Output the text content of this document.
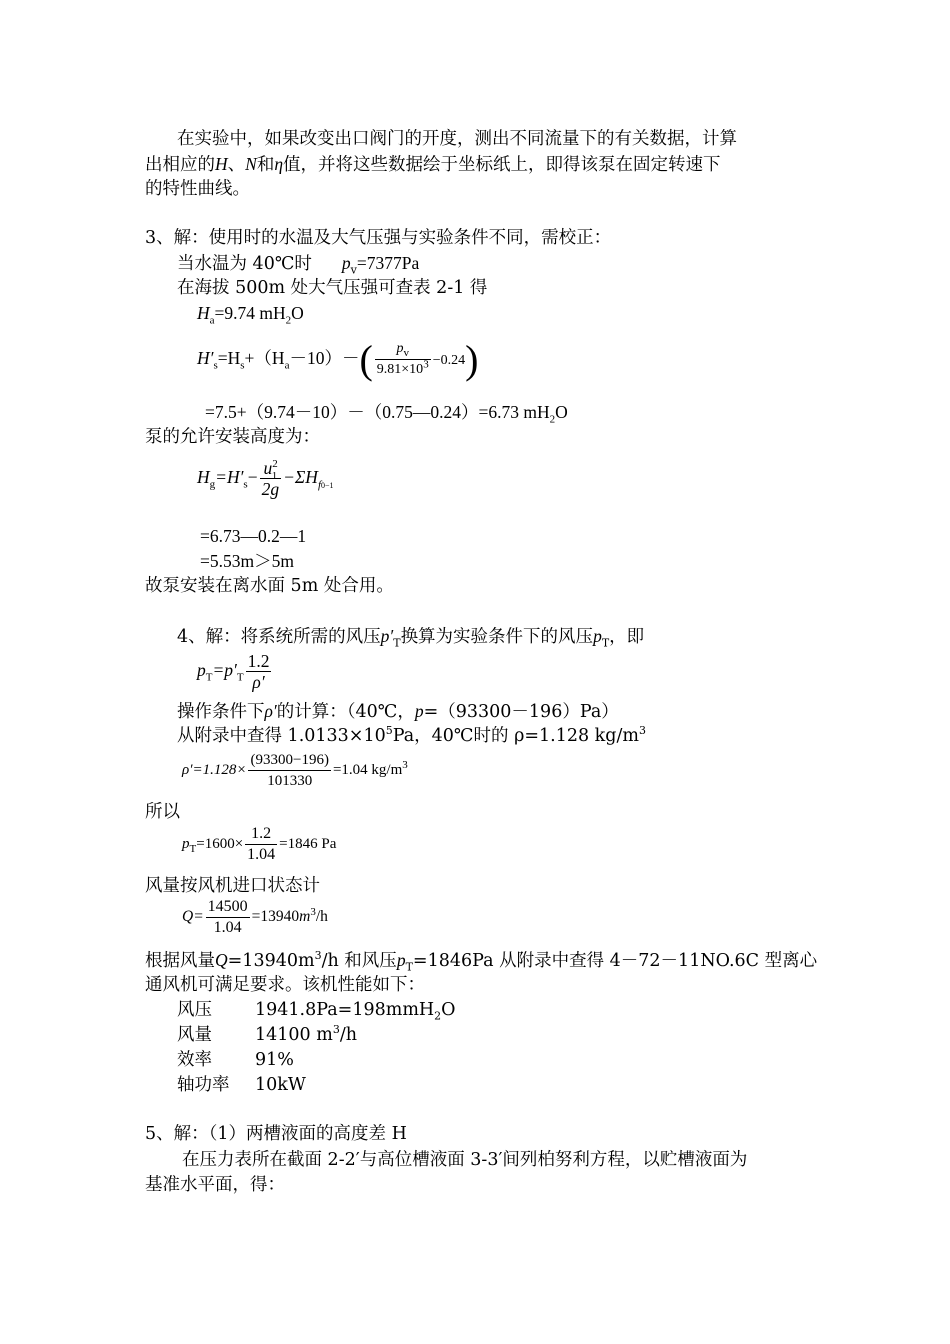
在实验中，如果改变出口阀门的开度，测出不同流量下的有关数据，计算
出相应的H、N和η值，并将这些数据绘于坐标纸上，即得该泵在固定转速下
的特性曲线。
3、解：使用时的水温及大气压强与实验条件不同，需校正：
当水温为 40℃时 $p_v=7377Pa$
在海拔 500m 处大气压强可查表 2-1 得
$H_a=9.74$ $mH_2O$
$H'_s=H_s+(H_a-10)-( \frac{p_v}{9.81\times 10^3} -0.24)$
=7.5+（9.74－10）－（0.75—0.24）=6.73 $mH_2O$
泵的允许安装高度为：
$H_g=H'_s- \frac{u^2_1}{2g} -\Sigma H_{f0-1}$
=6.73—0.2—1
=5.53m＞5m
故泵安装在离水面 5m 处合用。
4、解：将系统所需的风压$p'_T$换算为实验条件下的风压$p_T$，即
$p_T=p'_T \frac{1.2}{\rho'}$
操作条件下ρ′的计算：（40℃，p=（93300－196）Pa）
从附录中查得 $1.0133\times 10^5Pa$，40℃时的 ρ=1.128 $kg/m^3$
$\rho'=1.128\times \frac{(93300-196)}{101330} =1.04$ $kg/m^3$
所以
$p_T=1600\times \frac{1.2}{1.04} =1846$ Pa
风量按风机进口状态计
$Q= \frac{14500}{1.04} =13940m^3/h$
根据风量$Q=13940m^3/h$ 和风压$p_T=1846Pa$ 从附录中查得 4－72－11NO.6C 型离心
通风机可满足要求。该机性能如下：
风压 1941.8Pa=198mmH$_2$O
风量 14100 $m^3/h$
效率 91%
轴功率 10kW
5、解：（1）两槽液面的高度差 H
在压力表所在截面 2-2′与高位槽液面 3-3′间列柏努利方程，以贮槽液面为
基准水平面，得：
